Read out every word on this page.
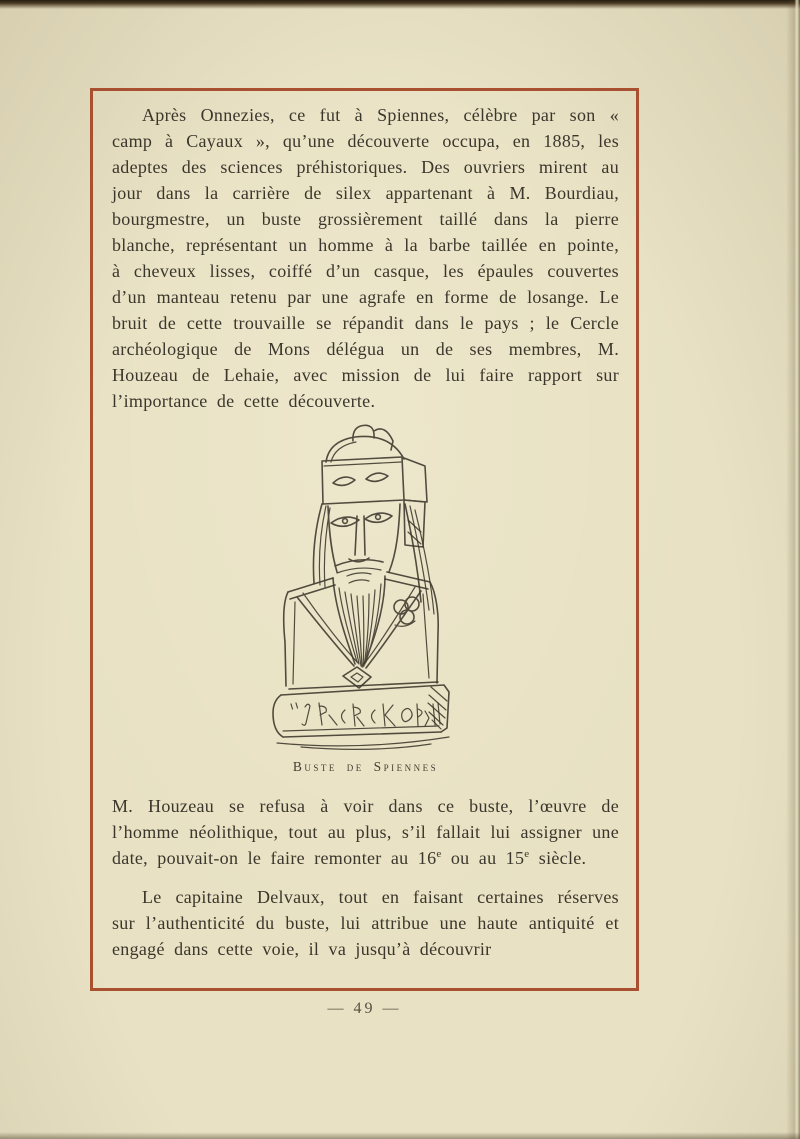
Après Onnezies, ce fut à Spiennes, célèbre par son « camp à Cayaux », qu’une découverte occupa, en 1885, les adeptes des sciences préhistoriques. Des ouvriers mirent au jour dans la carrière de silex appartenant à M. Bourdiau, bourgmestre, un buste grossièrement taillé dans la pierre blanche, représentant un homme à la barbe taillée en pointe, à cheveux lisses, coiffé d’un casque, les épaules couvertes d’un manteau retenu par une agrafe en forme de losange. Le bruit de cette trouvaille se répandit dans le pays ; le Cercle archéologique de Mons délégua un de ses membres, M. Houzeau de Lehaie, avec mission de lui faire rapport sur l’importance de cette découverte.

Buste de Spiennes

M. Houzeau se refusa à voir dans ce buste, l’œuvre de l’homme néolithique, tout au plus, s’il fallait lui assigner une date, pouvait-on le faire remonter au 16e ou au 15e siècle.

Le capitaine Delvaux, tout en faisant certaines réserves sur l’authenticité du buste, lui attribue une haute antiquité et engagé dans cette voie, il va jusqu’à découvrir

— 49 —
